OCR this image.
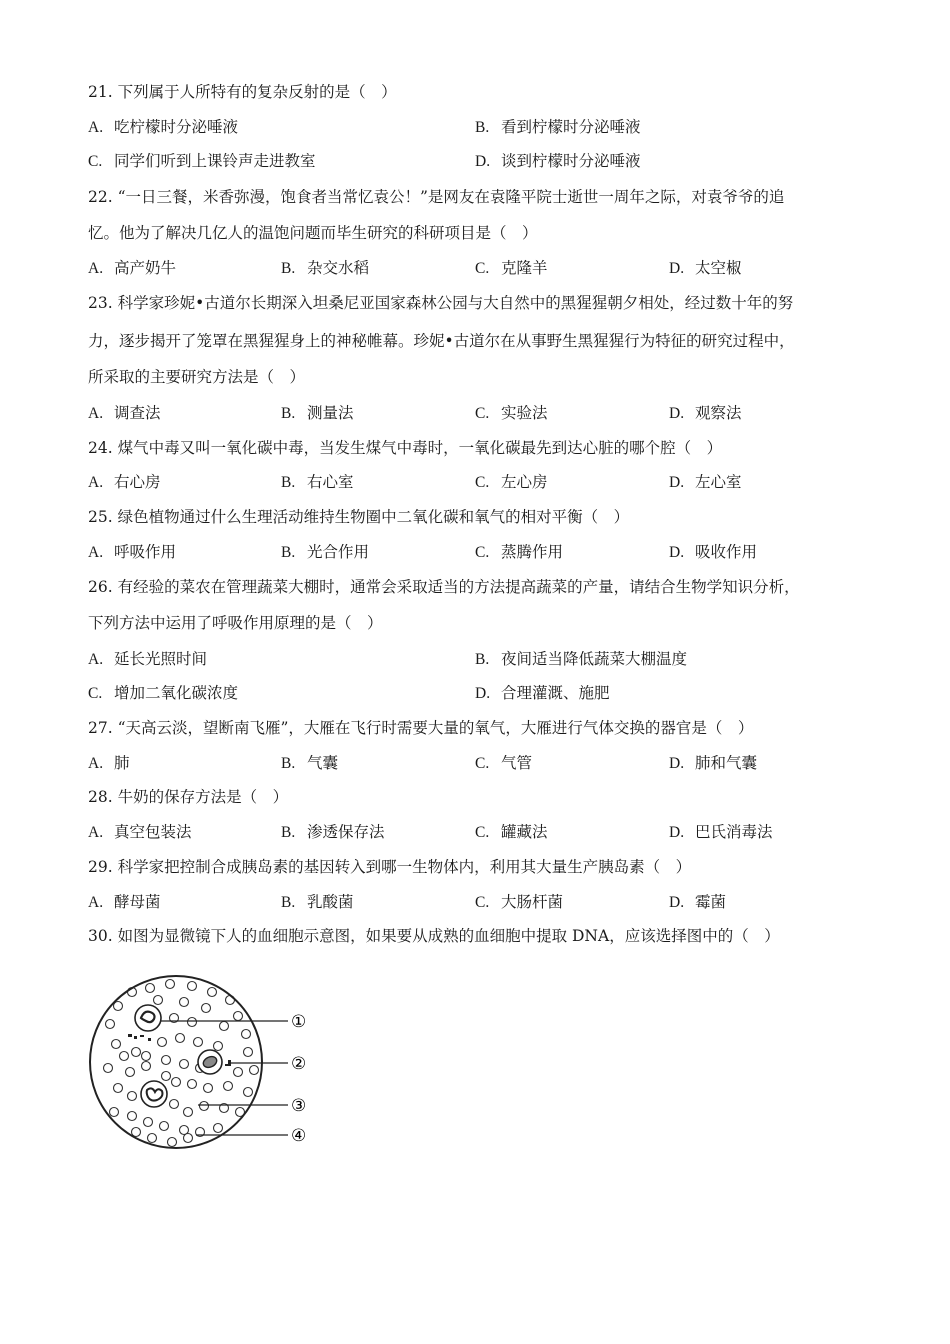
21. 下列属于人所特有的复杂反射的是（　）
A. 吃柠檬时分泌唾液	B. 看到柠檬时分泌唾液
C. 同学们听到上课铃声走进教室	D. 谈到柠檬时分泌唾液
22. “一日三餐，米香弥漫，饱食者当常忆袁公！”是网友在袁隆平院士逝世一周年之际，对袁爷爷的追
忆。他为了解决几亿人的温饱问题而毕生研究的科研项目是（　）
A. 高产奶牛	B. 杂交水稻	C. 克隆羊	D. 太空椒
23. 科学家珍妮•古道尔长期深入坦桑尼亚国家森林公园与大自然中的黑猩猩朝夕相处，经过数十年的努
力，逐步揭开了笼罩在黑猩猩身上的神秘帷幕。珍妮•古道尔在从事野生黑猩猩行为特征的研究过程中，
所采取的主要研究方法是（　）
A. 调查法	B. 测量法	C. 实验法	D. 观察法
24. 煤气中毒又叫一氧化碳中毒，当发生煤气中毒时，一氧化碳最先到达心脏的哪个腔（　）
A. 右心房	B. 右心室	C. 左心房	D. 左心室
25. 绿色植物通过什么生理活动维持生物圈中二氧化碳和氧气的相对平衡（　）
A. 呼吸作用	B. 光合作用	C. 蒸腾作用	D. 吸收作用
26. 有经验的菜农在管理蔬菜大棚时，通常会采取适当的方法提高蔬菜的产量，请结合生物学知识分析，
下列方法中运用了呼吸作用原理的是（　）
A. 延长光照时间	B. 夜间适当降低蔬菜大棚温度
C. 增加二氧化碳浓度	D. 合理灌溉、施肥
27. “天高云淡，望断南飞雁”，大雁在飞行时需要大量的氧气，大雁进行气体交换的器官是（　）
A. 肺	B. 气囊	C. 气管	D. 肺和气囊
28. 牛奶的保存方法是（　）
A. 真空包装法	B. 渗透保存法	C. 罐藏法	D. 巴氏消毒法
29. 科学家把控制合成胰岛素的基因转入到哪一生物体内，利用其大量生产胰岛素（　）
A. 酵母菌	B. 乳酸菌	C. 大肠杆菌	D. 霉菌
30. 如图为显微镜下人的血细胞示意图，如果要从成熟的血细胞中提取 DNA，应该选择图中的（　）
①
②
③
④
